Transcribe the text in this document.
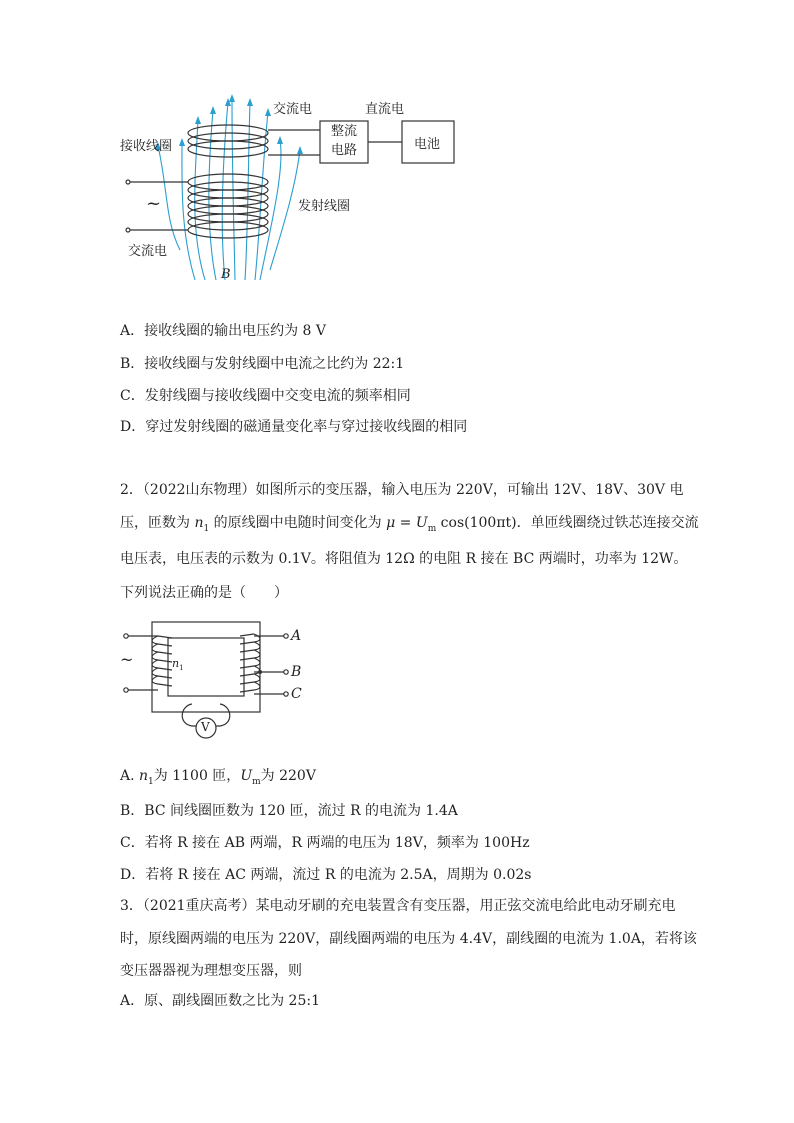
交流电	直流电
接收线圈
整流
电路	电池
~	发射线圈
交流电
B
A．接收线圈的输出电压约为 8 V
B．接收线圈与发射线圈中电流之比约为 22:1
C．发射线圈与接收线圈中交变电流的频率相同
D．穿过发射线圈的磁通量变化率与穿过接收线圈的相同
2．（2022山东物理）如图所示的变压器，输入电压为 220V，可输出 12V、18V、30V 电
压，匝数为 $n_1$ 的原线圈中电随时间变化为 $\mu = U_m$ cos(100πt)．单匝线圈绕过铁芯连接交流
电压表，电压表的示数为 0.1V。将阻值为 12Ω 的电阻 R 接在 BC 两端时，功率为 12W。
下列说法正确的是（　　）
~	$n_1$
A
B
C
V
A. $n_1$为 1100 匝，$U_m$为 220V
B．BC 间线圈匝数为 120 匝，流过 R 的电流为 1.4A
C．若将 R 接在 AB 两端，R 两端的电压为 18V，频率为 100Hz
D．若将 R 接在 AC 两端，流过 R 的电流为 2.5A，周期为 0.02s
3．（2021重庆高考）某电动牙刷的充电装置含有变压器，用正弦交流电给此电动牙刷充电
时，原线圈两端的电压为 220V，副线圈两端的电压为 4.4V，副线圈的电流为 1.0A，若将该
变压器器视为理想变压器，则
A．原、副线圈匝数之比为 25:1
